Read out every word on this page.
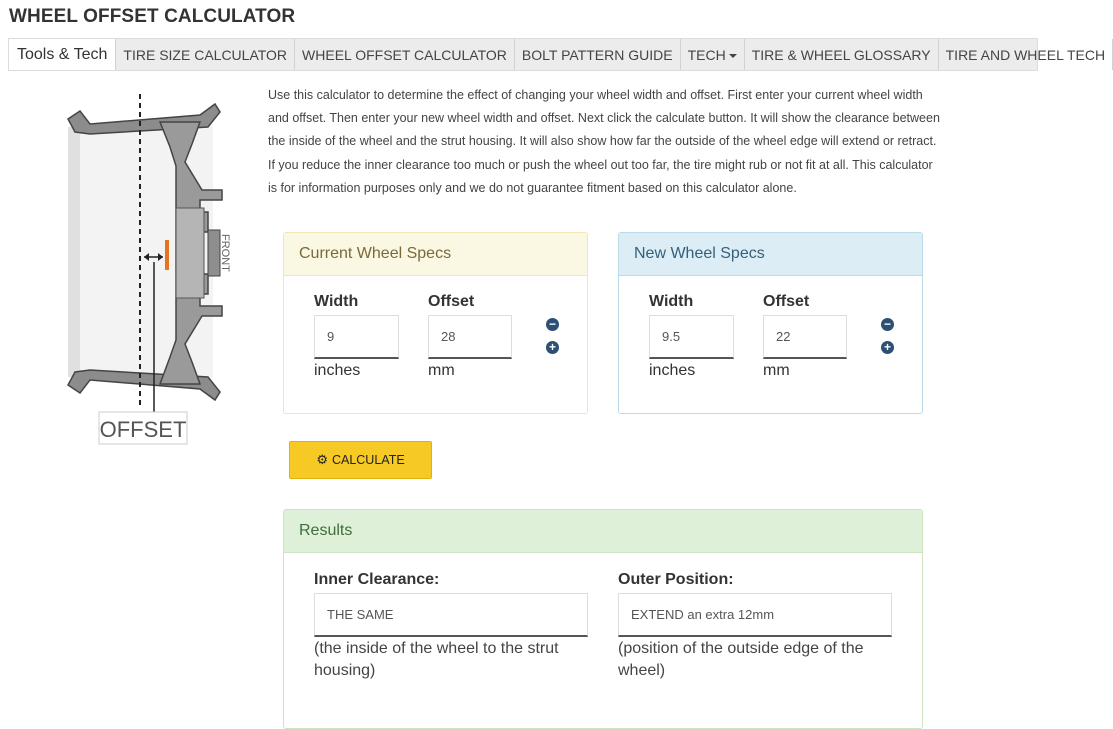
WHEEL OFFSET CALCULATOR
Tools & Tech TIRE SIZE CALCULATOR WHEEL OFFSET CALCULATOR BOLT PATTERN GUIDE TECH TIRE & WHEEL GLOSSARY TIRE AND WHEEL TECH
FRONT
OFFSET

Use this calculator to determine the effect of changing your wheel width and offset. First enter your current wheel width and offset. Then enter your new wheel width and offset. Next click the calculate button. It will show the clearance between the inside of the wheel and the strut housing. It will also show how far the outside of the wheel edge will extend or retract. If you reduce the inner clearance too much or push the wheel out too far, the tire might rub or not fit at all. This calculator is for information purposes only and we do not guarantee fitment based on this calculator alone.

Current Wheel Specs
Width	Offset
9	28
inches	mm
−
+
New Wheel Specs
Width	Offset
9.5	22
inches	mm
−
+
⚙ CALCULATE
Results
Inner Clearance:	Outer Position:
THE SAME	EXTEND an extra 12mm
(the inside of the wheel to the strut housing)
(position of the outside edge of the wheel)
